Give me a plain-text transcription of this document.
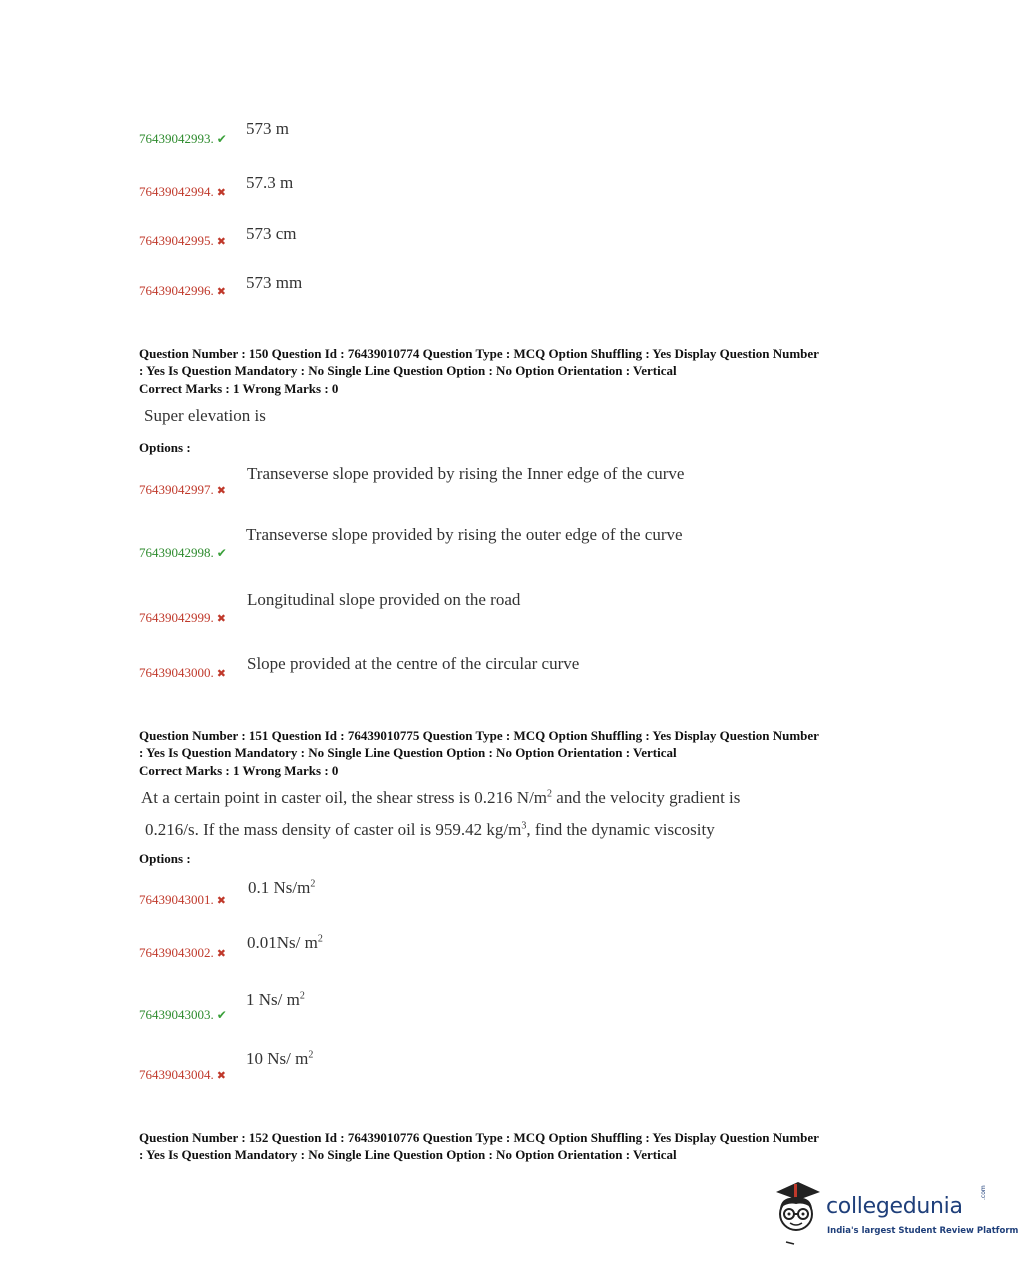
76439042993. ✔
573 m
76439042994. ✖
57.3 m
76439042995. ✖ 573 cm
76439042996. ✖ 573 mm
Question Number : 150 Question Id : 76439010774 Question Type : MCQ Option Shuffling : Yes Display Question Number
: Yes Is Question Mandatory : No Single Line Question Option : No Option Orientation : Vertical
Correct Marks : 1 Wrong Marks : 0
Super elevation is
Options :
76439042997. ✖
Transeverse slope provided by rising the Inner edge of the curve
76439042998. ✔
Transeverse slope provided by rising the outer edge of the curve
76439042999. ✖
Longitudinal slope provided on the road
76439043000. ✖
Slope provided at the centre of the circular curve
Question Number : 151 Question Id : 76439010775 Question Type : MCQ Option Shuffling : Yes Display Question Number
: Yes Is Question Mandatory : No Single Line Question Option : No Option Orientation : Vertical
Correct Marks : 1 Wrong Marks : 0
At a certain point in caster oil, the shear stress is 0.216 $N/m^2$ and the velocity gradient is
0.216/s. If the mass density of caster oil is 959.42 $kg/m^3$, find the dynamic viscosity
Options :
76439043001. ✖
0.1 $Ns/m^2$
76439043002. ✖
0.01Ns/ $m^2$
76439043003. ✔
1 Ns/ $m^2$
76439043004. ✖
10 Ns/ $m^2$
Question Number : 152 Question Id : 76439010776 Question Type : MCQ Option Shuffling : Yes Display Question Number
: Yes Is Question Mandatory : No Single Line Question Option : No Option Orientation : Vertical
collegedunia
.com
India's largest Student Review Platform
